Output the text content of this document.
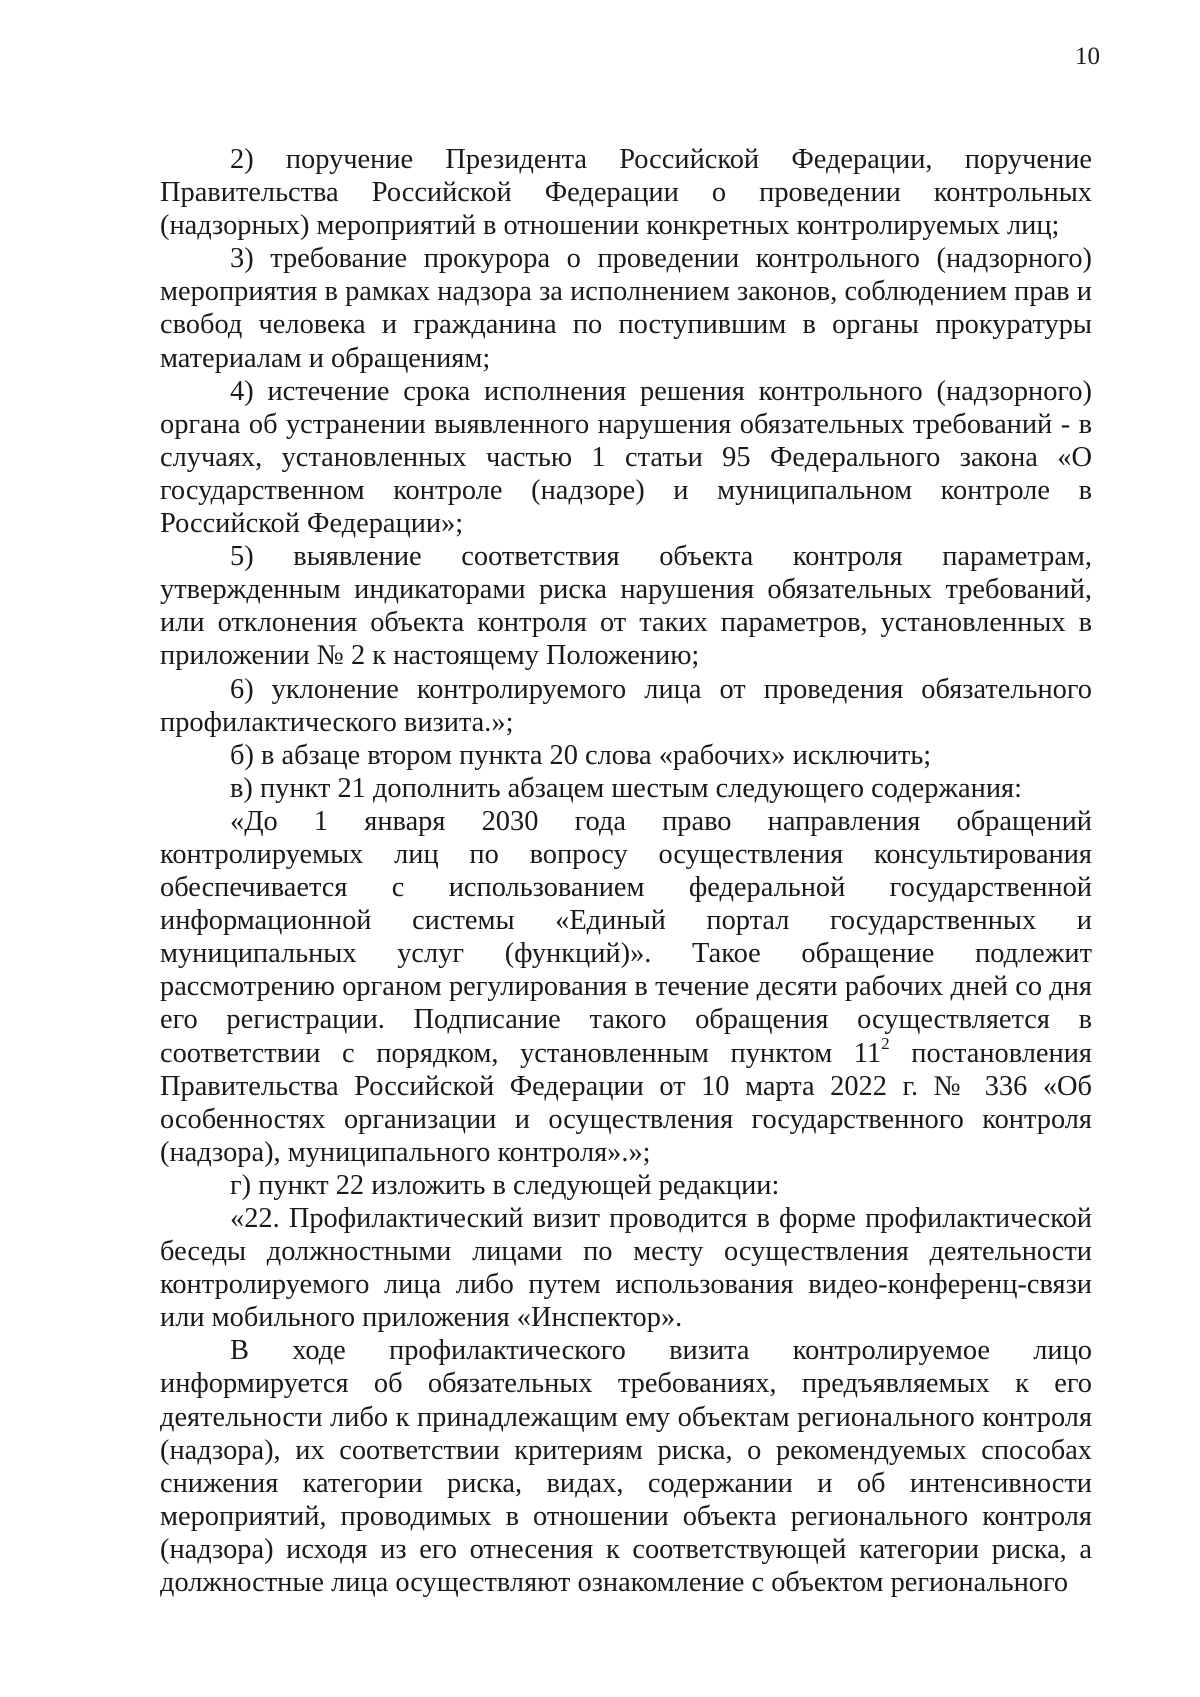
10

2) поручение Президента Российской Федерации, поручение Правительства Российской Федерации о проведении контрольных (надзорных) мероприятий в отношении конкретных контролируемых лиц;

3) требование прокурора о проведении контрольного (надзорного) мероприятия в рамках надзора за исполнением законов, соблюдением прав и свобод человека и гражданина по поступившим в органы прокуратуры материалам и обращениям;

4) истечение срока исполнения решения контрольного (надзорного) органа об устранении выявленного нарушения обязательных требований - в случаях, установленных частью 1 статьи 95 Федерального закона «О государственном контроле (надзоре) и муниципальном контроле в Российской Федерации»;

5) выявление соответствия объекта контроля параметрам, утвержденным индикаторами риска нарушения обязательных требований, или отклонения объекта контроля от таких параметров, установленных в приложении № 2 к настоящему Положению;

6) уклонение контролируемого лица от проведения обязательного профилактического визита.»;

б) в абзаце втором пункта 20 слова «рабочих» исключить;

в) пункт 21 дополнить абзацем шестым следующего содержания:

«До 1 января 2030 года право направления обращений контролируемых лиц по вопросу осуществления консультирования обеспечивается с использованием федеральной государственной информационной системы «Единый портал государственных и муниципальных услуг (функций)». Такое обращение подлежит рассмотрению органом регулирования в течение десяти рабочих дней со дня его регистрации. Подписание такого обращения осуществляется в соответствии с порядком, установленным пунктом $11^2$ постановления Правительства Российской Федерации от 10 марта 2022 г. № 336 «Об особенностях организации и осуществления государственного контроля (надзора), муниципального контроля».»;

г) пункт 22 изложить в следующей редакции:

«22. Профилактический визит проводится в форме профилактической беседы должностными лицами по месту осуществления деятельности контролируемого лица либо путем использования видео-конференц-связи или мобильного приложения «Инспектор».

В ходе профилактического визита контролируемое лицо информируется об обязательных требованиях, предъявляемых к его деятельности либо к принадлежащим ему объектам регионального контроля (надзора), их соответствии критериям риска, о рекомендуемых способах снижения категории риска, видах, содержании и об интенсивности мероприятий, проводимых в отношении объекта регионального контроля (надзора) исходя из его отнесения к соответствующей категории риска, а должностные лица осуществляют ознакомление с объектом регионального
